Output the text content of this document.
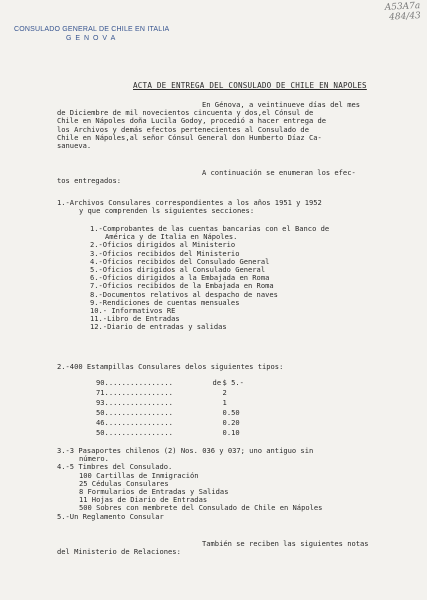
CONSULADO GENERAL DE CHILE EN ITALIA
G E N O V A
A53A7a
484/43
ACTA DE ENTREGA DEL CONSULADO DE CHILE EN NAPOLES
En Génova, a veintinueve días del mes
de Diciembre de mil novecientos cincuenta y dos,el Cónsul de
Chile en Nápoles doña Lucila Godoy, procedió a hacer entrega de
los Archivos y demás efectos pertenecientes al Consulado de
Chile en Nápoles,al señor Cónsul General don Humberto Díaz Ca-
sanueva.
A continuación se enumeran los efec-
tos entregados:
1.-Archivos Consulares correspondientes a los años 1951 y 1952
y que comprenden ls siguientes secciones:
1.-Comprobantes de las cuentas bancarias con el Banco de
América y de Italia en Nápoles.
2.-Oficios dirigidos al Ministerio
3.-Oficios recibidos del Ministerio
4.-Oficios recibidos del Consulado General
5.-Oficios dirigidos al Consulado General
6.-Oficios dirigidos a la Embajada en Roma
7.-Oficios recibidos de la Embajada en Roma
8.-Documentos relativos al despacho de naves
9.-Rendiciones de cuentas mensuales
10.- Informativos RE
11.-Libro de Entradas
12.-Diario de entradas y salidas
2.-400 Estampillas Consulares delos siguientes tipos:
90 ................	de $ 5.-
71 ................	2
93 ................	1
50 ................	0.50
46 ................	0.20
50 ................	0.10
3.-3 Pasaportes chilenos (2) Nos. 036 y 037; uno antiguo sin
número.
4.-5 Timbres del Consulado.
100 Cartillas de Inmigración
25 Cédulas Consulares
8 Formularios de Entradas y Salidas
11 Hojas de Diario de Entradas
500 Sobres con membrete del Consulado de Chile en Nápoles
5.-Un Reglamento Consular
También se reciben las siguientes notas
del Ministerio de Relaciones:
